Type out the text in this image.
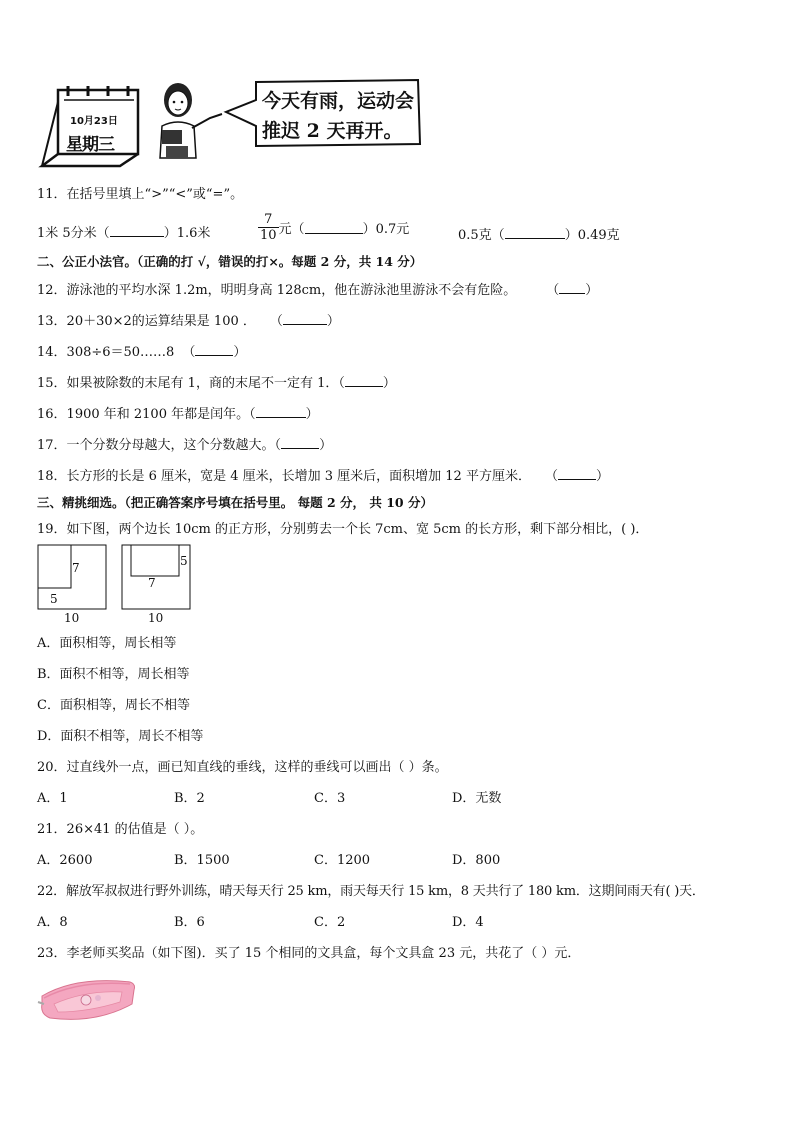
10月23日
星期三
今天有雨，运动会
推迟 2 天再开。
11．在括号里填上“>”“<”或“=”。
1米 5分米（	）1.6米	$\frac{7}{10}$ 元（	）0.7元	0.5克（	）0.49克
二、公正小法官。（正确的打 √，错误的打×。每题 2 分，共 14 分）
12．游泳池的平均水深 1.2m，明明身高 128cm，他在游泳池里游泳不会有危险。 （ ）
13．20＋30×2的运算结果是 100 ． （	）
14．308÷6＝50……8 （	）
15．如果被除数的末尾有 1，商的末尾不一定有 1．（	）
16．1900 年和 2100 年都是闰年。（	）
17．一个分数分母越大，这个分数越大。（	）
18．长方形的长是 6 厘米，宽是 4 厘米，长增加 3 厘米后，面积增加 12 平方厘米． （	）
三、精挑细选。（把正确答案序号填在括号里。 每题 2 分， 共 10 分）
19．如下图，两个边长 10cm 的正方形，分别剪去一个长 7cm、宽 5cm 的长方形，剩下部分相比，( )．
7
5
10
7
5
10
A．面积相等，周长相等
B．面积不相等，周长相等
C．面积相等，周长不相等
D．面积不相等，周长不相等
20．过直线外一点，画已知直线的垂线，这样的垂线可以画出（ ）条。
A．1	B．2	C．3	D．无数
21．26×41 的估值是（ ）。
A．2600	B．1500	C．1200	D．800
22．解放军叔叔进行野外训练，晴天每天行 25 km，雨天每天行 15 km，8 天共行了 180 km．这期间雨天有( )天．
A．8	B．6	C．2	D．4
23．李老师买奖品（如下图)．买了 15 个相同的文具盒，每个文具盒 23 元，共花了（ ）元．
